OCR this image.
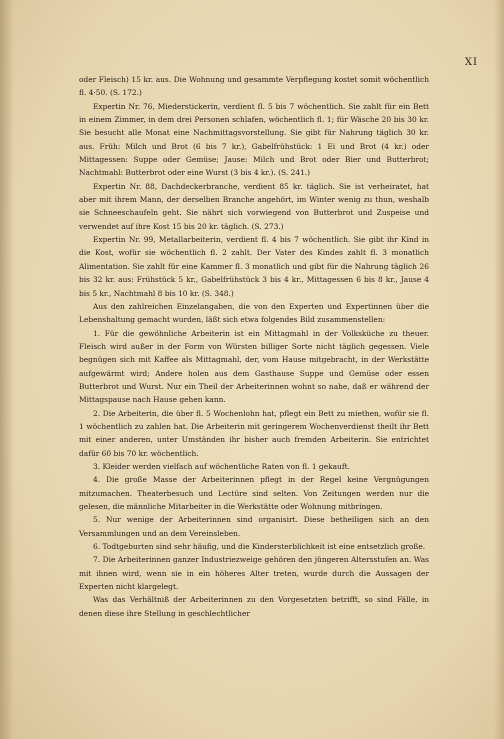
XI

oder Fleisch) 15 kr. aus. Die Wohnung und gesammte Verpflegung kostet somit wöchentlich fl. 4·50. (S. 172.)

Expertin Nr. 76, Miederstickerin, verdient fl. 5 bis 7 wöchentlich. Sie zahlt für ein Bett in einem Zimmer, in dem drei Personen schlafen, wöchentlich fl. 1; für Wäsche 20 bis 30 kr. Sie besucht alle Monat eine Nachmittagsvorstellung. Sie gibt für Nahrung täglich 30 kr. aus. Früh: Milch und Brot (6 bis 7 kr.), Gabelfrühstück: 1 Ei und Brot (4 kr.) oder Mittagessen: Suppe oder Gemüse; Jause: Milch und Brot oder Bier und Butterbrot; Nachtmahl: Butterbrot oder eine Wurst (3 bis 4 kr.). (S. 241.)

Expertin Nr. 88, Dachdeckerbranche, verdient 85 kr. täglich. Sie ist verheiratet, hat aber mit ihrem Mann, der derselben Branche angehört, im Winter wenig zu thun, weshalb sie Schneeschaufeln geht. Sie nährt sich vorwiegend von Butterbrot und Zuspeise und verwendet auf ihre Kost 15 bis 20 kr. täglich. (S. 273.)

Expertin Nr. 99, Metallarbeiterin, verdient fl. 4 bis 7 wöchentlich. Sie gibt ihr Kind in die Kost, wofür sie wöchentlich fl. 2 zahlt. Der Vater des Kindes zahlt fl. 3 monatlich Alimentation. Sie zahlt für eine Kammer fl. 3 monatlich und gibt für die Nahrung täglich 26 bis 32 kr. aus: Frühstück 5 kr., Gabelfrühstück 3 bis 4 kr., Mittagessen 6 bis 8 kr., Jause 4 bis 5 kr., Nachtmahl 8 bis 10 kr. (S. 348.)

Aus den zahlreichen Einzelangaben, die von den Experten und Expertinnen über die Lebenshaltung gemacht wurden, läßt sich etwa folgendes Bild zusammenstellen:

1. Für die gewöhnliche Arbeiterin ist ein Mittagmahl in der Volksküche zu theuer. Fleisch wird außer in der Form von Würsten billiger Sorte nicht täglich gegessen. Viele begnügen sich mit Kaffee als Mittagmahl, der, vom Hause mitgebracht, in der Werkstätte aufgewärmt wird; Andere holen aus dem Gasthause Suppe und Gemüse oder essen Butterbrot und Wurst. Nur ein Theil der Arbeiterinnen wohnt so nahe, daß er während der Mittagspause nach Hause gehen kann.

2. Die Arbeiterin, die über fl. 5 Wochenlohn hat, pflegt ein Bett zu miethen, wofür sie fl. 1 wöchentlich zu zahlen hat. Die Arbeiterin mit geringerem Wochenverdienst theilt ihr Bett mit einer anderen, unter Umständen ihr bisher auch fremden Arbeiterin. Sie entrichtet dafür 60 bis 70 kr. wöchentlich.

3. Kleider werden vielfach auf wöchentliche Raten von fl. 1 gekauft.

4. Die große Masse der Arbeiterinnen pflegt in der Regel keine Vergnügungen mitzumachen. Theaterbesuch und Lectüre sind selten. Von Zeitungen werden nur die gelesen, die männliche Mitarbeiter in die Werkstätte oder Wohnung mitbringen.

5. Nur wenige der Arbeiterinnen sind organisirt. Diese betheiligen sich an den Versammlungen und an dem Vereinsleben.

6. Todtgeburten sind sehr häufig, und die Kindersterblichkeit ist eine entsetzlich große.

7. Die Arbeiterinnen ganzer Industriezweige gehören den jüngeren Altersstufen an. Was mit ihnen wird, wenn sie in ein höheres Alter treten, wurde durch die Aussagen der Experten nicht klargelegt.

Was das Verhältniß der Arbeiterinnen zu den Vorgesetzten betrifft, so sind Fälle, in denen diese ihre Stellung in geschlechtlicher
